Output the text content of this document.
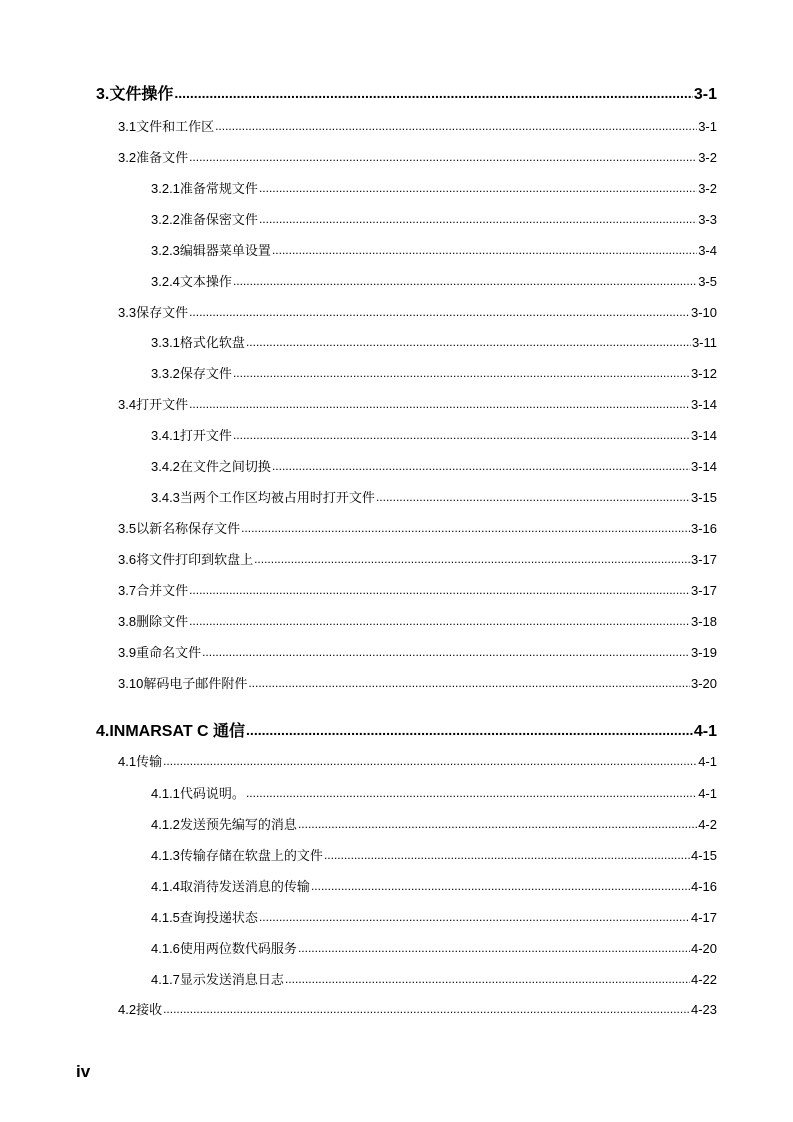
3. 文件操作 .....	3-1
3.1 文件和工作区 .....	3-1
3.2 准备文件 .....	3-2
3.2.1 准备常规文件 .....	3-2
3.2.2 准备保密文件 .....	3-3
3.2.3 编辑器菜单设置 .....	3-4
3.2.4 文本操作 .....	3-5
3.3 保存文件 .....	3-10
3.3.1 格式化软盘 .....	3-11
3.3.2 保存文件 .....	3-12
3.4 打开文件 .....	3-14
3.4.1 打开文件 .....	3-14
3.4.2 在文件之间切换 .....	3-14
3.4.3 当两个工作区均被占用时打开文件 .....	3-15
3.5 以新名称保存文件 .....	3-16
3.6 将文件打印到软盘上 .....	3-17
3.7 合并文件 .....	3-17
3.8 删除文件 .....	3-18
3.9 重命名文件 .....	3-19
3.10 解码电子邮件附件 .....	3-20
4. INMARSAT C 通信 .....	4-1
4.1 传输 .....	4-1
4.1.1 代码说明。 .....	4-1
4.1.2 发送预先编写的消息 .....	4-2
4.1.3 传输存储在软盘上的文件 .....	4-15
4.1.4 取消待发送消息的传输 .....	4-16
4.1.5 查询投递状态 .....	4-17
4.1.6 使用两位数代码服务 .....	4-20
4.1.7 显示发送消息日志 .....	4-22
4.2 接收 .....	4-23
iv
